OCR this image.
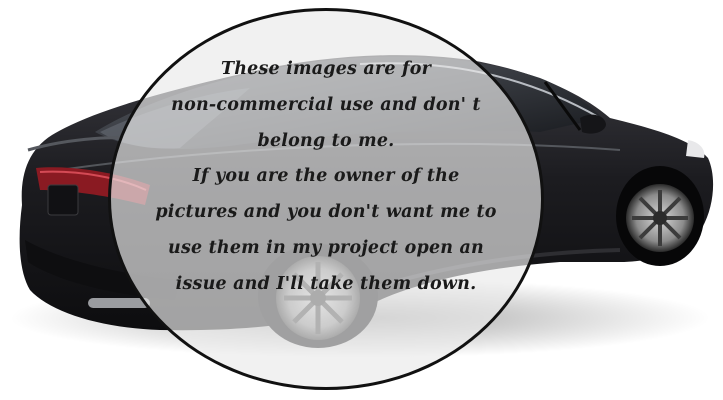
These images are for
non-commercial use and don' t
belong to me.
If you are the owner of the
pictures and you don't want me to
use them in my project open an
issue and I'll take them down.
